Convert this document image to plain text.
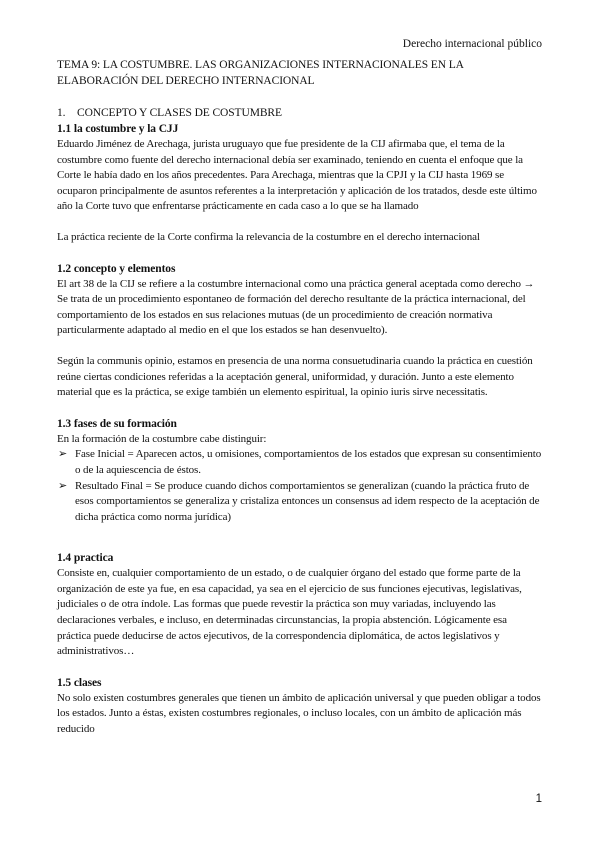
Derecho internacional público
TEMA 9: LA COSTUMBRE. LAS ORGANIZACIONES INTERNACIONALES EN LA ELABORACIÓN DEL DERECHO INTERNACIONAL
1. CONCEPTO Y CLASES DE COSTUMBRE
1.1 la costumbre y la CJJ

Eduardo Jiménez de Arechaga, jurista uruguayo que fue presidente de la CIJ afirmaba que, el tema de la costumbre como fuente del derecho internacional debía ser examinado, teniendo en cuenta el enfoque que la Corte le había dado en los años precedentes. Para Arechaga, mientras que la CPJI y la CIJ hasta 1969 se ocuparon principalmente de asuntos referentes a la interpretación y aplicación de los tratados, desde este último año la Corte tuvo que enfrentarse prácticamente en cada caso a lo que se ha llamado

La práctica reciente de la Corte confirma la relevancia de la costumbre en el derecho internacional

1.2 concepto y elementos

El art 38 de la CIJ se refiere a la costumbre internacional como una práctica general aceptada como derecho → Se trata de un procedimiento espontaneo de formación del derecho resultante de la práctica internacional, del comportamiento de los estados en sus relaciones mutuas (de un procedimiento de creación normativa particularmente adaptado al medio en el que los estados se han desenvuelto).

Según la communis opinio, estamos en presencia de una norma consuetudinaria cuando la práctica en cuestión reúne ciertas condiciones referidas a la aceptación general, uniformidad, y duración. Junto a este elemento material que es la práctica, se exige también un elemento espiritual, la opinio iuris sirve necessitatis.

1.3 fases de su formación

En la formación de la costumbre cabe distinguir:

➢ Fase Inicial = Aparecen actos, u omisiones, comportamientos de los estados que expresan su consentimiento o de la aquiescencia de éstos.
➢ Resultado Final = Se produce cuando dichos comportamientos se generalizan (cuando la práctica fruto de esos comportamientos se generaliza y cristaliza entonces un consensus ad idem respecto de la aceptación de dicha práctica como norma jurídica)
1.4 practica

Consiste en, cualquier comportamiento de un estado, o de cualquier órgano del estado que forme parte de la organización de este ya fue, en esa capacidad, ya sea en el ejercicio de sus funciones ejecutivas, legislativas, judiciales o de otra índole. Las formas que puede revestir la práctica son muy variadas, incluyendo las declaraciones verbales, e incluso, en determinadas circunstancias, la propia abstención. Lógicamente esa práctica puede deducirse de actos ejecutivos, de la correspondencia diplomática, de actos legislativos y administrativos…

1.5 clases

No solo existen costumbres generales que tienen un ámbito de aplicación universal y que pueden obligar a todos los estados. Junto a éstas, existen costumbres regionales, o incluso locales, con un ámbito de aplicación más reducido

1
